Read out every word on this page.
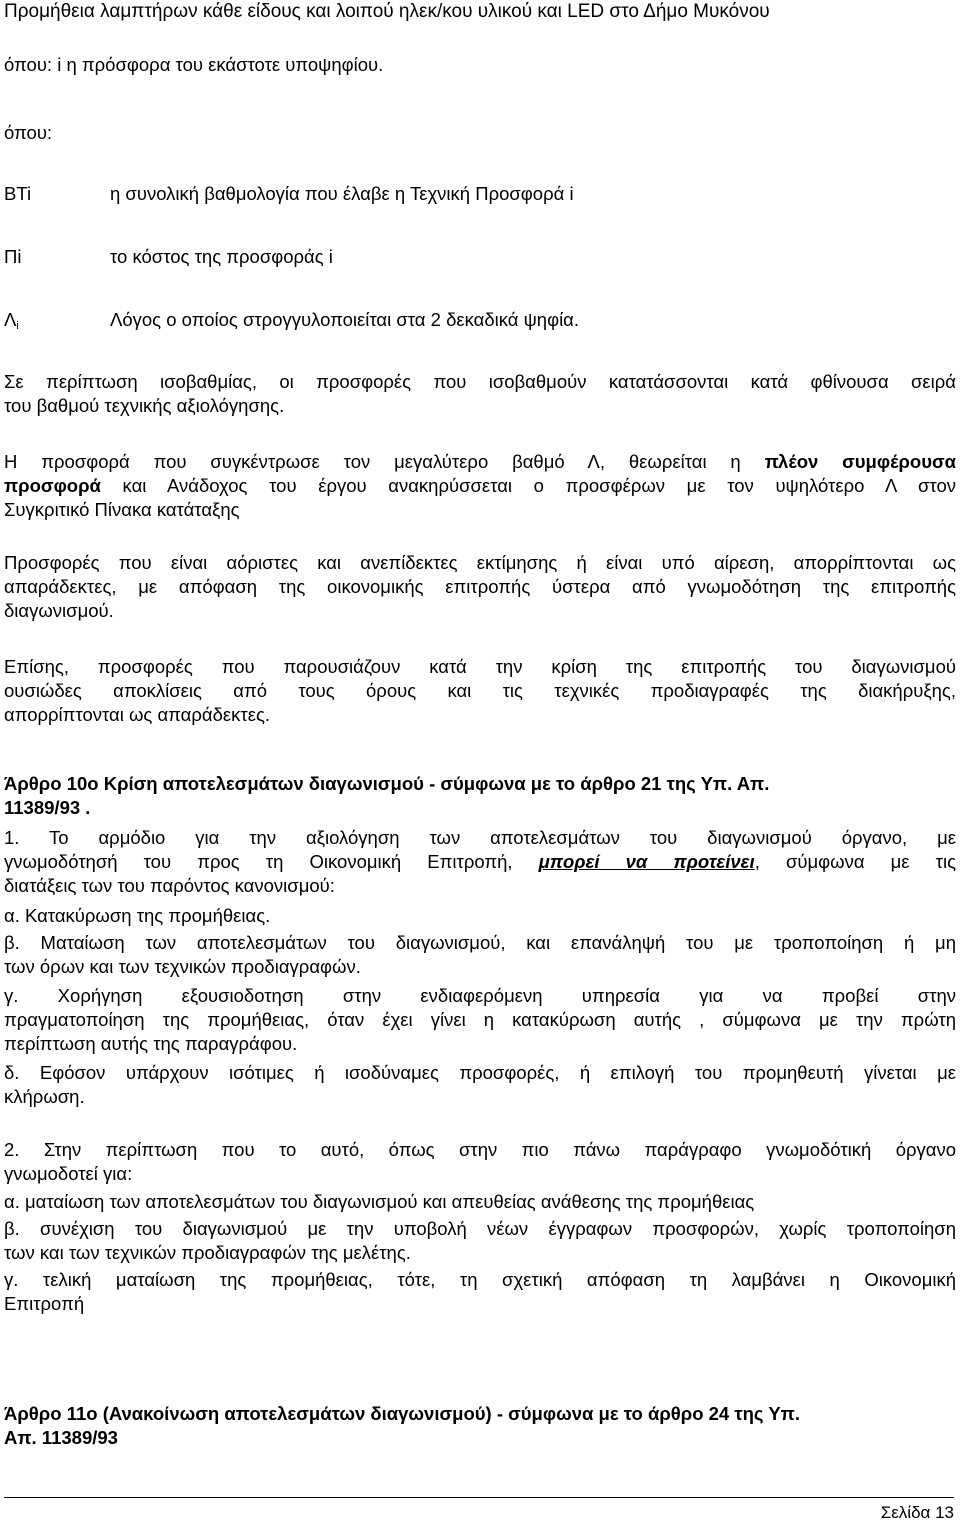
Προμήθεια λαμπτήρων κάθε είδους και λοιπού ηλεκ/κου υλικού και LED στο Δήμο Μυκόνου
όπου: i η πρόσφορα του εκάστοτε υποψηφίου.
όπου:
BTi	η συνολική βαθμολογία που έλαβε η Τεχνική Προσφορά i
Πi	το κόστος της προσφοράς i
$\Lambda_i$	Λόγος ο οποίος στρογγυλοποιείται στα 2 δεκαδικά ψηφία.
Σε περίπτωση ισοβαθμίας, οι προσφορές που ισοβαθμούν κατατάσσονται κατά φθίνουσα σειρά
του βαθμού τεχνικής αξιολόγησης.
Η προσφορά που συγκέντρωσε τον μεγαλύτερο βαθμό Λ, θεωρείται η πλέον συμφέρουσα
προσφορά και Ανάδοχος του έργου ανακηρύσσεται ο προσφέρων με τον υψηλότερο Λ στον
Συγκριτικό Πίνακα κατάταξης
Προσφορές που είναι αόριστες και ανεπίδεκτες εκτίμησης ή είναι υπό αίρεση, απορρίπτονται ως
απαράδεκτες, με απόφαση της οικονομικής επιτροπής ύστερα από γνωμοδότηση της επιτροπής
διαγωνισμού.
Επίσης, προσφορές που παρουσιάζουν κατά την κρίση της επιτροπής του διαγωνισμού
ουσιώδες αποκλίσεις από τους όρους και τις τεχνικές προδιαγραφές της διακήρυξης,
απορρίπτονται ως απαράδεκτες.
Άρθρο 10ο Κρίση αποτελεσμάτων διαγωνισμού - σύμφωνα με το άρθρο 21 της Υπ. Απ.
11389/93 .
1. Το αρμόδιο για την αξιολόγηση των αποτελεσμάτων του διαγωνισμού όργανο, με
γνωμοδότησή του προς τη Οικονομική Επιτροπή, μπορεί να προτείνει, σύμφωνα με τις
διατάξεις των του παρόντος κανονισμού:
α. Κατακύρωση της προμήθειας.
β. Ματαίωση των αποτελεσμάτων του διαγωνισμού, και επανάληψή του με τροποποίηση ή μη
των όρων και των τεχνικών προδιαγραφών.
γ. Χορήγηση εξουσιοδοτηση στην ενδιαφερόμενη υπηρεσία για να προβεί στην
πραγματοποίηση της προμήθειας, όταν έχει γίνει η κατακύρωση αυτής , σύμφωνα με την πρώτη
περίπτωση αυτής της παραγράφου.
δ. Εφόσον υπάρχουν ισότιμες ή ισοδύναμες προσφορές, ή επιλογή του προμηθευτή γίνεται με
κλήρωση.
2. Στην περίπτωση που το αυτό, όπως στην πιο πάνω παράγραφο γνωμοδότική όργανο
γνωμοδοτεί για:
α. ματαίωση των αποτελεσμάτων του διαγωνισμού και απευθείας ανάθεσης της προμήθειας
β. συνέχιση του διαγωνισμού με την υποβολή νέων έγγραφων προσφορών, χωρίς τροποποίηση
των και των τεχνικών προδιαγραφών της μελέτης.
γ. τελική ματαίωση της προμήθειας, τότε, τη σχετική απόφαση τη λαμβάνει η Οικονομική
Επιτροπή
Άρθρο 11ο (Ανακοίνωση αποτελεσμάτων διαγωνισμού) - σύμφωνα με το άρθρο 24 της Υπ.
Απ. 11389/93
Σελίδα 13
